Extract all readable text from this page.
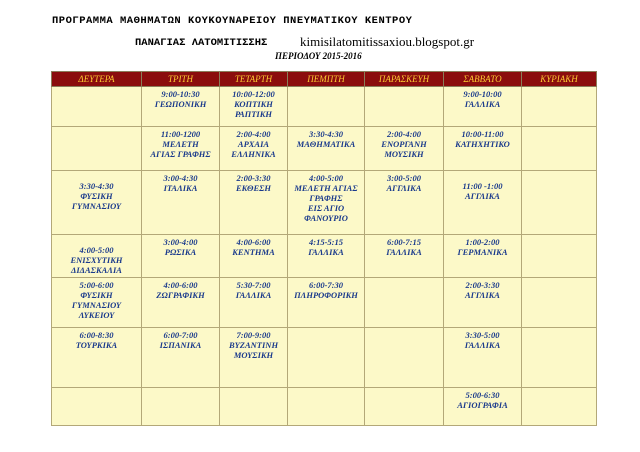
ΠΡΟΓΡΑΜΜΑ ΜΑΘΗΜΑΤΩΝ ΚΟΥΚΟΥΝΑΡΕΙΟΥ ΠΝΕΥΜΑΤΙΚΟΥ ΚΕΝΤΡΟΥ
ΠΑΝΑΓΙΑΣ ΛΑΤΟΜΙΤΙΣΣΗΣ	kimisilatomitissaxiou.blogspot.gr
ΠΕΡΙΟΔΟΥ 2015-2016
ΔΕΥΤΕΡΑ	ΤΡΙΤΗ	ΤΕΤΑΡΤΗ	ΠΕΜΠΤΗ	ΠΑΡΑΣΚΕΥΗ	ΣΑΒΒΑΤΟ	ΚΥΡΙΑΚΗ

	9:00-10:30
ΓΕΩΠΟΝΙΚΗ	10:00-12:00
ΚΟΠΤΙΚΗ
ΡΑΠΤΙΚΗ			9:00-10:00
ΓΑΛΛΙΚΑ	

	11:00-1200
ΜΕΛΕΤΗ
ΑΓΙΑΣ ΓΡΑΦΗΣ	2:00-4:00
ΑΡΧΑΙΑ
ΕΛΛΗΝΙΚΑ	3:30-4:30
ΜΑΘΗΜΑΤΙΚΑ	2:00-4:00
ΕΝΟΡΓΑΝΗ
ΜΟΥΣΙΚΗ	10:00-11:00
ΚΑΤΗΧΗΤΙΚΟ	

3:30-4:30
ΦΥΣΙΚΗ
ΓΥΜΝΑΣΙΟΥ	3:00-4:30
ΙΤΑΛΙΚΑ	2:00-3:30
ΕΚΘΕΣΗ	4:00-5:00
ΜΕΛΕΤΗ ΑΓΙΑΣ
ΓΡΑΦΗΣ
ΕΙΣ ΑΓΙΟ
ΦΑΝΟΥΡΙΟ	3:00-5:00
ΑΓΓΛΙΚΑ	11:00 -1:00
ΑΓΓΛΙΚΑ	

4:00-5:00
ΕΝΙΣΧΥΤΙΚΗ
ΔΙΔΑΣΚΑΛΙΑ	3:00-4:00
ΡΩΣΙΚΑ	4:00-6:00
ΚΕΝΤΗΜΑ	4:15-5:15
ΓΑΛΛΙΚΑ	6:00-7:15
ΓΑΛΛΙΚΑ	1:00-2:00
ΓΕΡΜΑΝΙΚΑ	

5:00-6:00
ΦΥΣΙΚΗ
ΓΥΜΝΑΣΙΟΥ
ΛΥΚΕΙΟΥ	4:00-6:00
ΖΩΓΡΑΦΙΚΗ	5:30-7:00
ΓΑΛΛΙΚΑ	6:00-7:30
ΠΛΗΡΟΦΟΡΙΚΗ		2:00-3:30
ΑΓΓΛΙΚΑ	

6:00-8:30
ΤΟΥΡΚΙΚΑ	6:00-7:00
ΙΣΠΑΝΙΚΑ	7:00-9:00
ΒΥΖΑΝΤΙΝΗ
ΜΟΥΣΙΚΗ			3:30-5:00
ΓΑΛΛΙΚΑ	

					5:00-6:30
ΑΓΙΟΓΡΑΦΙΑ	
